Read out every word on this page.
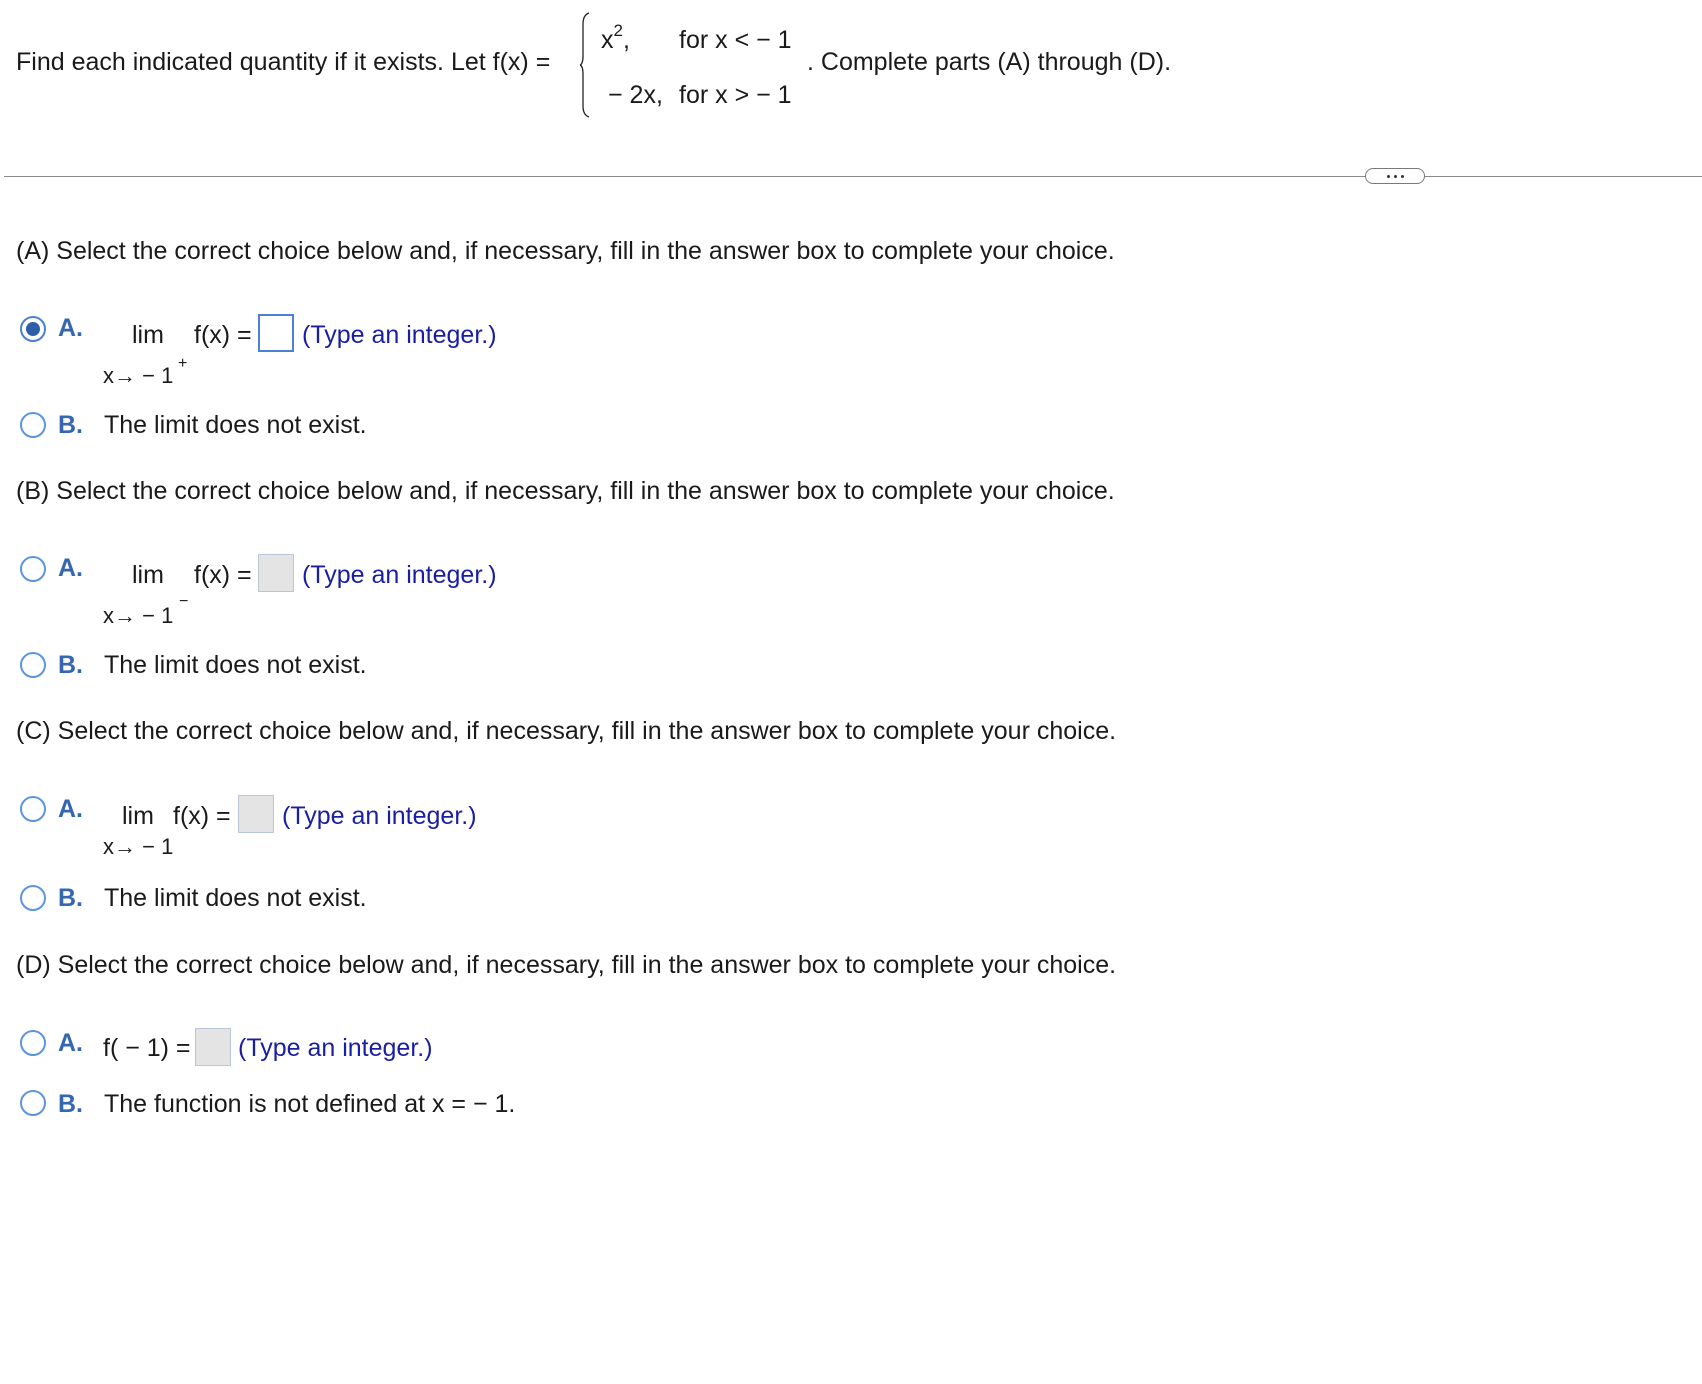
Find each indicated quantity if it exists. Let f(x) =
$x^2$, for x < − 1
− 2x, for x > − 1
. Complete parts (A) through (D).
(A) Select the correct choice below and, if necessary, fill in the answer box to complete your choice.
A. lim f(x) = (Type an integer.)
x→ − 1 +
B. The limit does not exist.
(B) Select the correct choice below and, if necessary, fill in the answer box to complete your choice.
A. lim f(x) = (Type an integer.)
x→ − 1
−
B. The limit does not exist.
(C) Select the correct choice below and, if necessary, fill in the answer box to complete your choice.
A. lim f(x) = (Type an integer.)
x→ − 1
B. The limit does not exist.
(D) Select the correct choice below and, if necessary, fill in the answer box to complete your choice.
A. f( − 1) = (Type an integer.)
B. The function is not defined at x = − 1.
